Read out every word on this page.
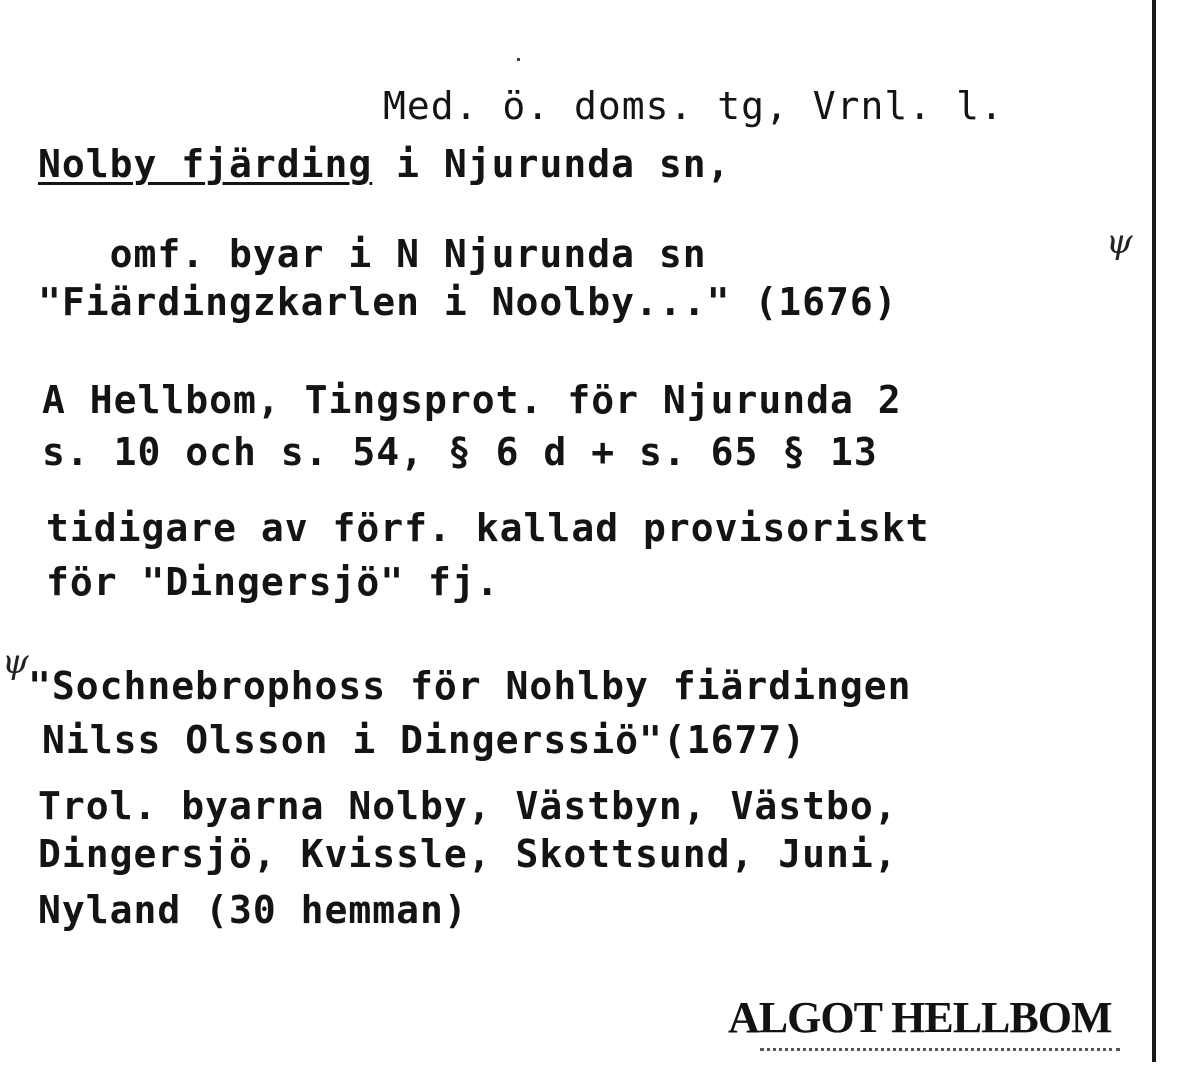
Med. ö. doms. tg, Vrnl. l.
Nolby fjärding i Njurunda sn,
omf. byar i N Njurunda sn
"Fiärdingzkarlen i Noolby..." (1676)
A Hellbom, Tingsprot. för Njurunda 2
s. 10 och s. 54, § 6 d + s. 65 § 13
tidigare av förf. kallad provisoriskt
för "Dingersjö" fj.
"Sochnebrophoss för Nohlby fiärdingen
Nilss Olsson i Dingerssiö"(1677)
Trol. byarna Nolby, Västbyn, Västbo,
Dingersjö, Kvissle, Skottsund, Juni,
Nyland (30 hemman)
ψ
ψ
ALGOT HELLBOM
